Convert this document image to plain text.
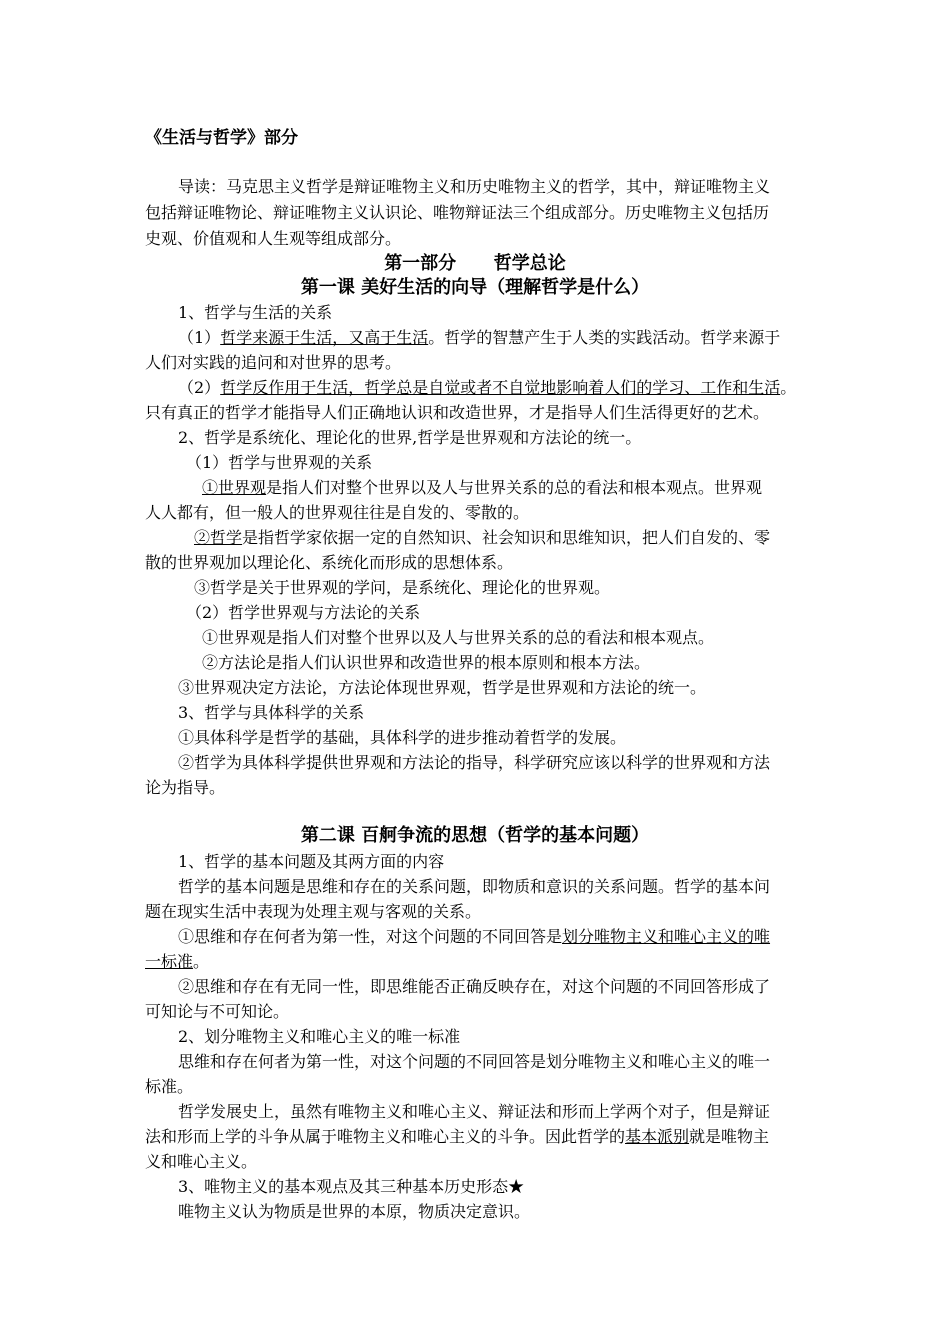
《生活与哲学》部分
导读：马克思主义哲学是辩证唯物主义和历史唯物主义的哲学，其中，辩证唯物主义
包括辩证唯物论、辩证唯物主义认识论、唯物辩证法三个组成部分。历史唯物主义包括历
史观、价值观和人生观等组成部分。
第一部分      哲学总论
第一课 美好生活的向导（理解哲学是什么）
1、哲学与生活的关系
（1）哲学来源于生活，又高于生活。哲学的智慧产生于人类的实践活动。哲学来源于
人们对实践的追问和对世界的思考。
（2）哲学反作用于生活，哲学总是自觉或者不自觉地影响着人们的学习、工作和生活。
只有真正的哲学才能指导人们正确地认识和改造世界，才是指导人们生活得更好的艺术。
2、哲学是系统化、理论化的世界,哲学是世界观和方法论的统一。
（1）哲学与世界观的关系
①世界观是指人们对整个世界以及人与世界关系的总的看法和根本观点。世界观
人人都有，但一般人的世界观往往是自发的、零散的。
②哲学是指哲学家依据一定的自然知识、社会知识和思维知识，把人们自发的、零
散的世界观加以理论化、系统化而形成的思想体系。
③哲学是关于世界观的学问，是系统化、理论化的世界观。
（2）哲学世界观与方法论的关系
①世界观是指人们对整个世界以及人与世界关系的总的看法和根本观点。
②方法论是指人们认识世界和改造世界的根本原则和根本方法。
③世界观决定方法论，方法论体现世界观，哲学是世界观和方法论的统一。
3、哲学与具体科学的关系
①具体科学是哲学的基础，具体科学的进步推动着哲学的发展。
②哲学为具体科学提供世界观和方法论的指导，科学研究应该以科学的世界观和方法
论为指导。
第二课 百舸争流的思想（哲学的基本问题）
1、哲学的基本问题及其两方面的内容
哲学的基本问题是思维和存在的关系问题，即物质和意识的关系问题。哲学的基本问
题在现实生活中表现为处理主观与客观的关系。
①思维和存在何者为第一性，对这个问题的不同回答是划分唯物主义和唯心主义的唯
一标准。
②思维和存在有无同一性，即思维能否正确反映存在，对这个问题的不同回答形成了
可知论与不可知论。
2、划分唯物主义和唯心主义的唯一标准
思维和存在何者为第一性，对这个问题的不同回答是划分唯物主义和唯心主义的唯一
标准。
哲学发展史上，虽然有唯物主义和唯心主义、辩证法和形而上学两个对子，但是辩证
法和形而上学的斗争从属于唯物主义和唯心主义的斗争。因此哲学的基本派别就是唯物主
义和唯心主义。
3、唯物主义的基本观点及其三种基本历史形态★
唯物主义认为物质是世界的本原，物质决定意识。
